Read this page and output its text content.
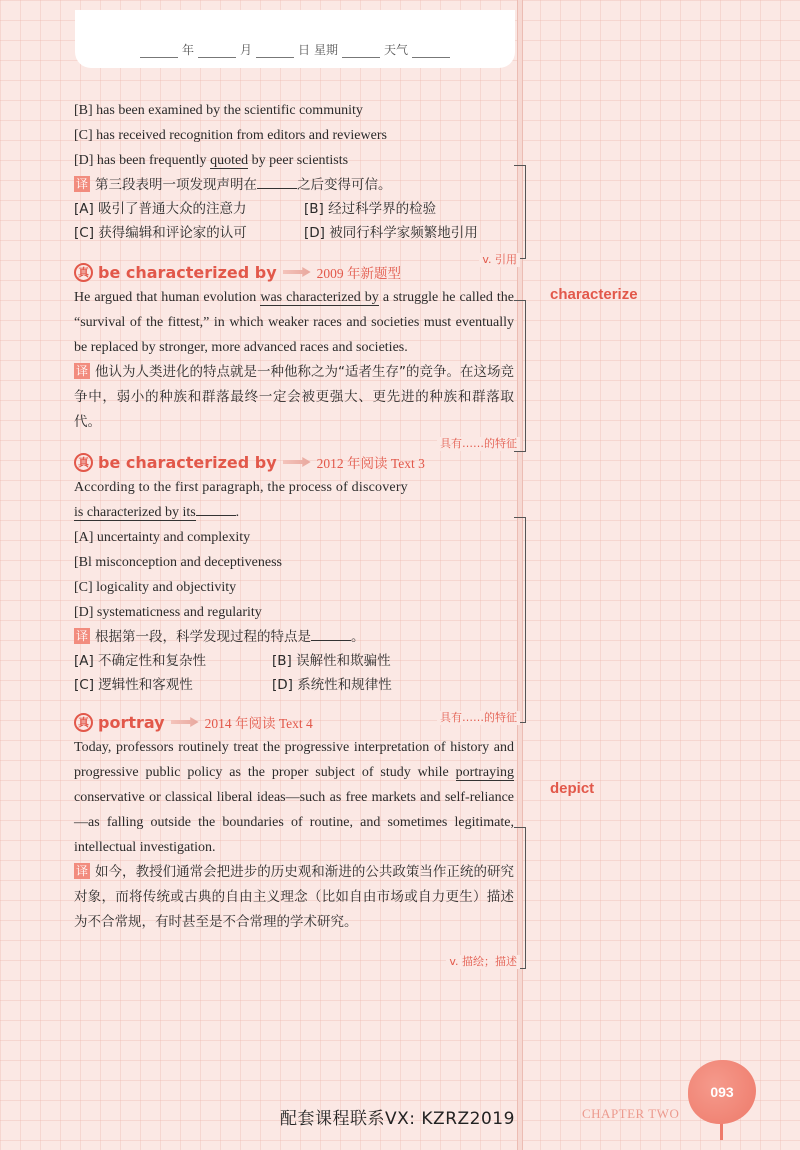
年	月	日 星期	天气
[B] has been examined by the scientific community
[C] has received recognition from editors and reviewers
[D] has been frequently quoted by peer scientists
v. 引用
译 第三段表明一项发现声明在	之后变得可信。
[A] 吸引了普通大众的注意力	[B] 经过科学界的检验
[C] 获得编辑和评论家的认可	[D] 被同行科学家频繁地引用
真 be characterized by	2009 年新题型
具有……的特征

He argued that human evolution was characterized by a struggle he called the “survival of the fittest,” in which weaker races and societies must eventually be replaced by stronger, more advanced races and societies.

译 他认为人类进化的特点就是一种他称之为“适者生存”的竞争。在这场竞争中，弱小的种族和群落最终一定会被更强大、更先进的种族和群落取代。

真 be characterized by	2012 年阅读 Text 3
具有……的特征
According to the first paragraph, the process of discovery
is characterized by its	.
[A] uncertainty and complexity
[Bl misconception and deceptiveness
[C] logicality and objectivity
[D] systematicness and regularity
译 根据第一段，科学发现过程的特点是	。
[A] 不确定性和复杂性	[B] 误解性和欺骗性
[C] 逻辑性和客观性	[D] 系统性和规律性
真 portray	2014 年阅读 Text 4
v. 描绘；描述

Today, professors routinely treat the progressive interpretation of history and progressive public policy as the proper subject of study while portraying conservative or classical liberal ideas—such as free markets and self-reliance—as falling outside the boundaries of routine, and sometimes legitimate, intellectual investigation.

译 如今，教授们通常会把进步的历史观和渐进的公共政策当作正统的研究对象，而将传统或古典的自由主义理念（比如自由市场或自力更生）描述为不合常规，有时甚至是不合常理的学术研究。

characterize
depict
配套课程联系VX: KZRZ2019	CHAPTER TWO
093
